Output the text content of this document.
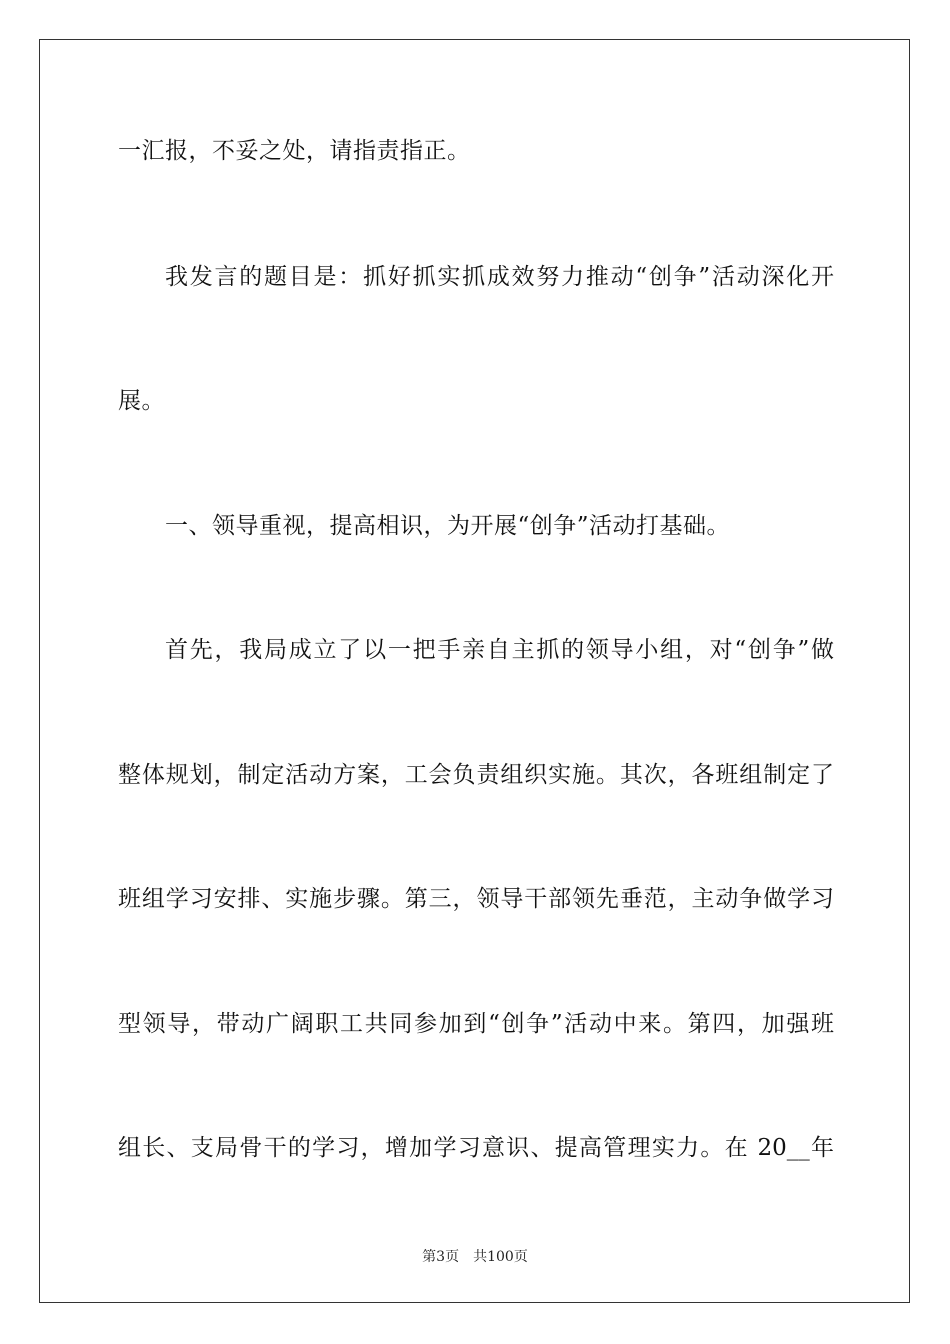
一汇报，不妥之处，请指责指正。
我发言的题目是：抓好抓实抓成效努力推动“创争”活动深化开
展。
一、领导重视，提高相识，为开展“创争”活动打基础。
首先，我局成立了以一把手亲自主抓的领导小组，对“创争”做
整体规划，制定活动方案，工会负责组织实施。其次，各班组制定了
班组学习安排、实施步骤。第三，领导干部领先垂范，主动争做学习
型领导，带动广阔职工共同参加到“创争”活动中来。第四，加强班
组长、支局骨干的学习，增加学习意识、提高管理实力。在 20__年
第3页 共100页
